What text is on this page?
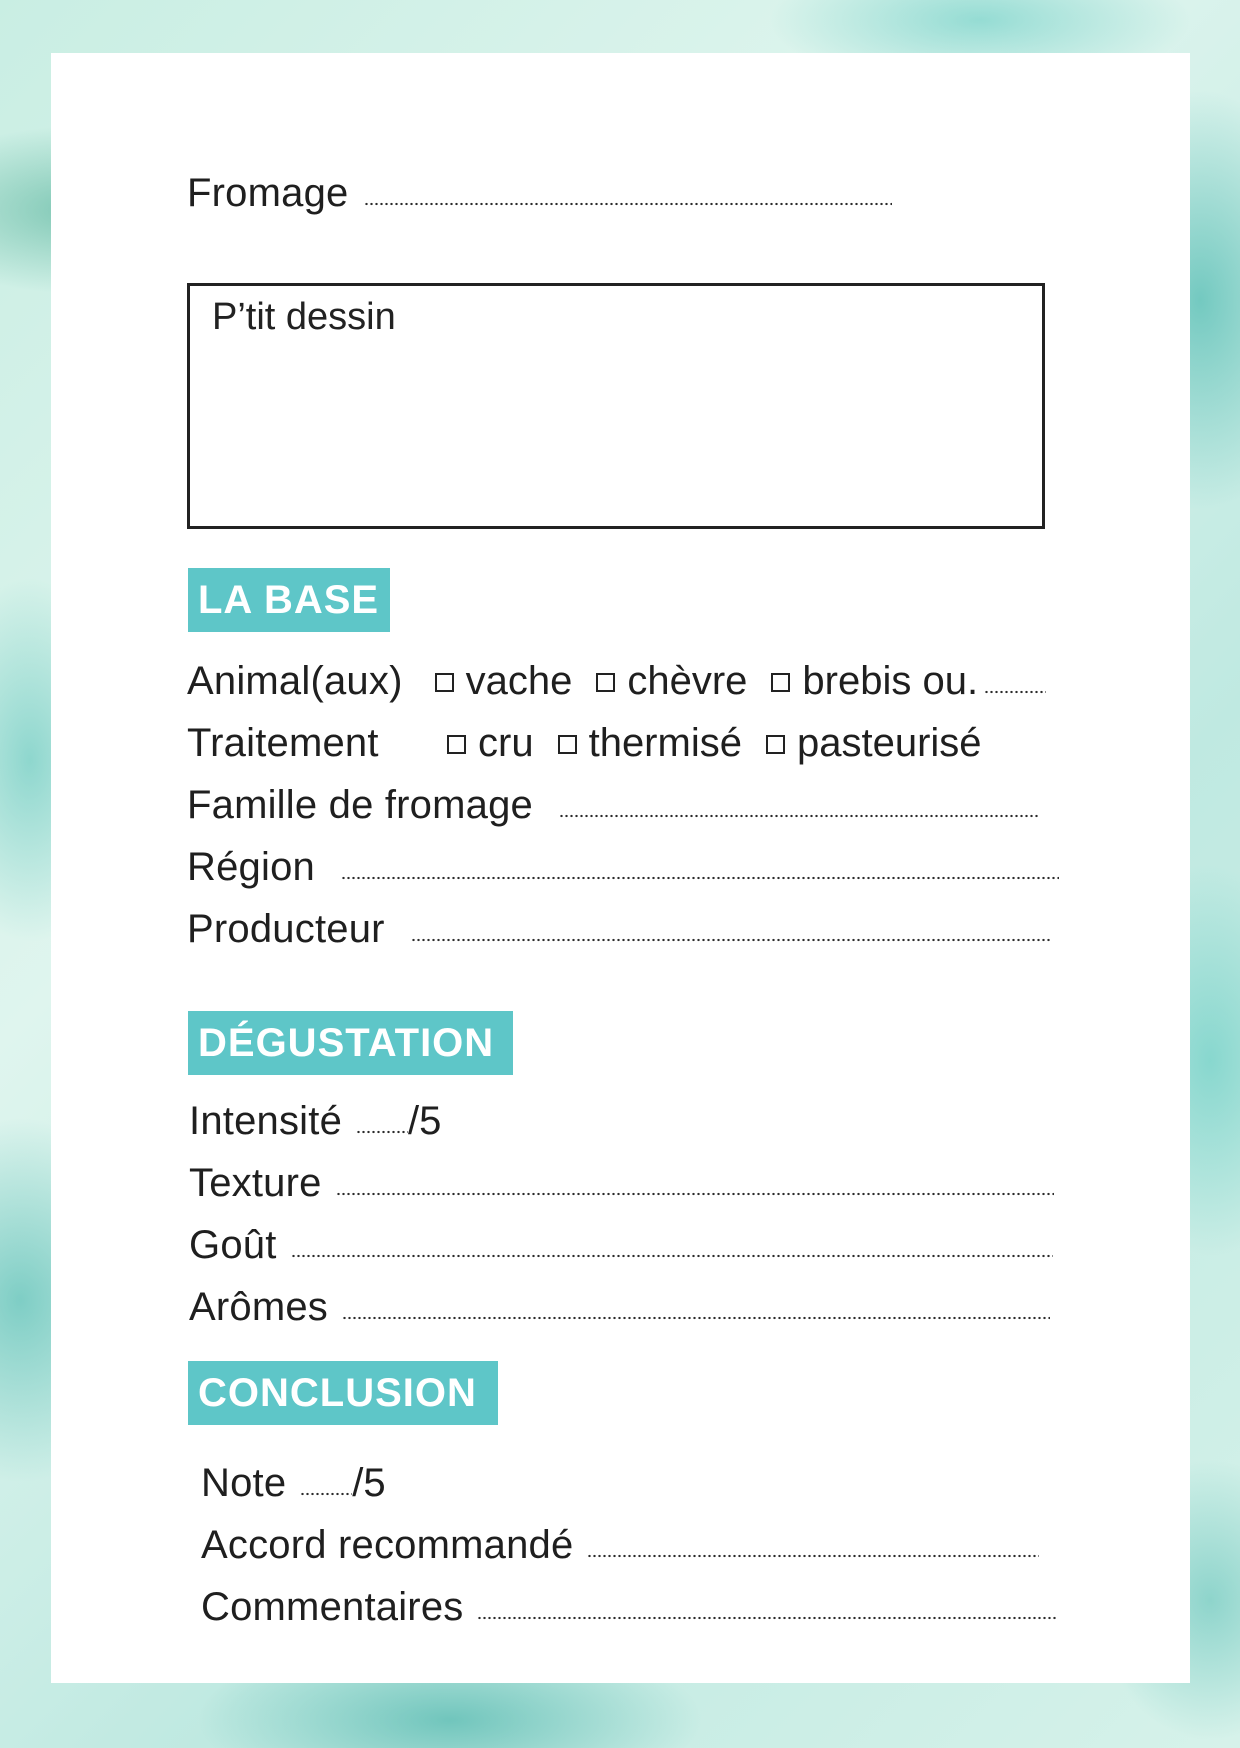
Fromage
P’tit dessin
LA BASE
Animal(aux) vache chèvre brebis ou.
Traitement	cru thermisé pasteurisé
Famille de fromage
Région
Producteur
DÉGUSTATION
Intensité /5
Texture
Goût
Arômes
CONCLUSION
Note /5
Accord recommandé
Commentaires
